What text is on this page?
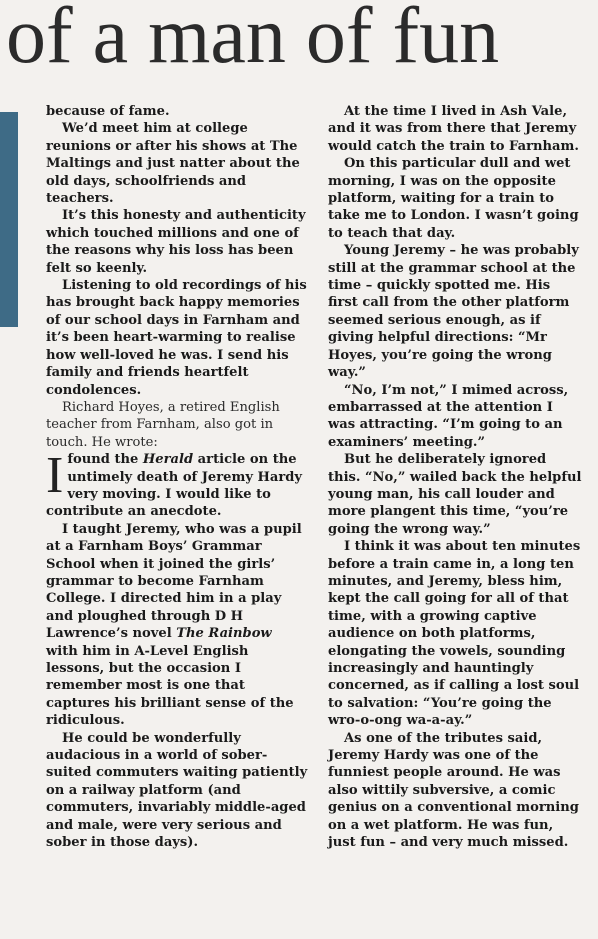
of a man of fun

because of fame.

We’d meet him at college reunions or after his shows at The Maltings and just natter about the old days, schoolfriends and teachers.

It’s this honesty and authenticity which touched millions and one of the reasons why his loss has been felt so keenly.

Listening to old recordings of his has brought back happy memories of our school days in Farnham and it’s been heart-warming to realise how well-loved he was. I send his family and friends heartfelt condolences.

Richard Hoyes, a retired English teacher from Farnham, also got in touch. He wrote:

Ifound the Herald article on the untimely death of Jeremy Hardy very moving. I would like to contribute an anecdote.

I taught Jeremy, who was a pupil at a Farnham Boys’ Grammar School when it joined the girls’ grammar to become Farnham College. I directed him in a play and ploughed through D H Lawrence’s novel The Rainbow with him in A-Level English lessons, but the occasion I remember most is one that captures his brilliant sense of the ridiculous.

He could be wonderfully audacious in a world of sober-suited commuters waiting patiently on a railway platform (and commuters, invariably middle-aged and male, were very serious and sober in those days).

At the time I lived in Ash Vale, and it was from there that Jeremy would catch the train to Farnham.

On this particular dull and wet morning, I was on the opposite platform, waiting for a train to take me to London. I wasn’t going to teach that day.

Young Jeremy – he was probably still at the grammar school at the time – quickly spotted me. His first call from the other platform seemed serious enough, as if giving helpful directions: “Mr Hoyes, you’re going the wrong way.”

“No, I’m not,” I mimed across, embarrassed at the attention I was attracting. “I’m going to an examiners’ meeting.”

But he deliberately ignored this. “No,” wailed back the helpful young man, his call louder and more plangent this time, “you’re going the wrong way.”

I think it was about ten minutes before a train came in, a long ten minutes, and Jeremy, bless him, kept the call going for all of that time, with a growing captive audience on both platforms, elongating the vowels, sounding increasingly and hauntingly concerned, as if calling a lost soul to salvation: “You’re going the wro-o-ong wa-a-ay.”

As one of the tributes said, Jeremy Hardy was one of the funniest people around. He was also wittily subversive, a comic genius on a conventional morning on a wet platform. He was fun, just fun – and very much missed.
